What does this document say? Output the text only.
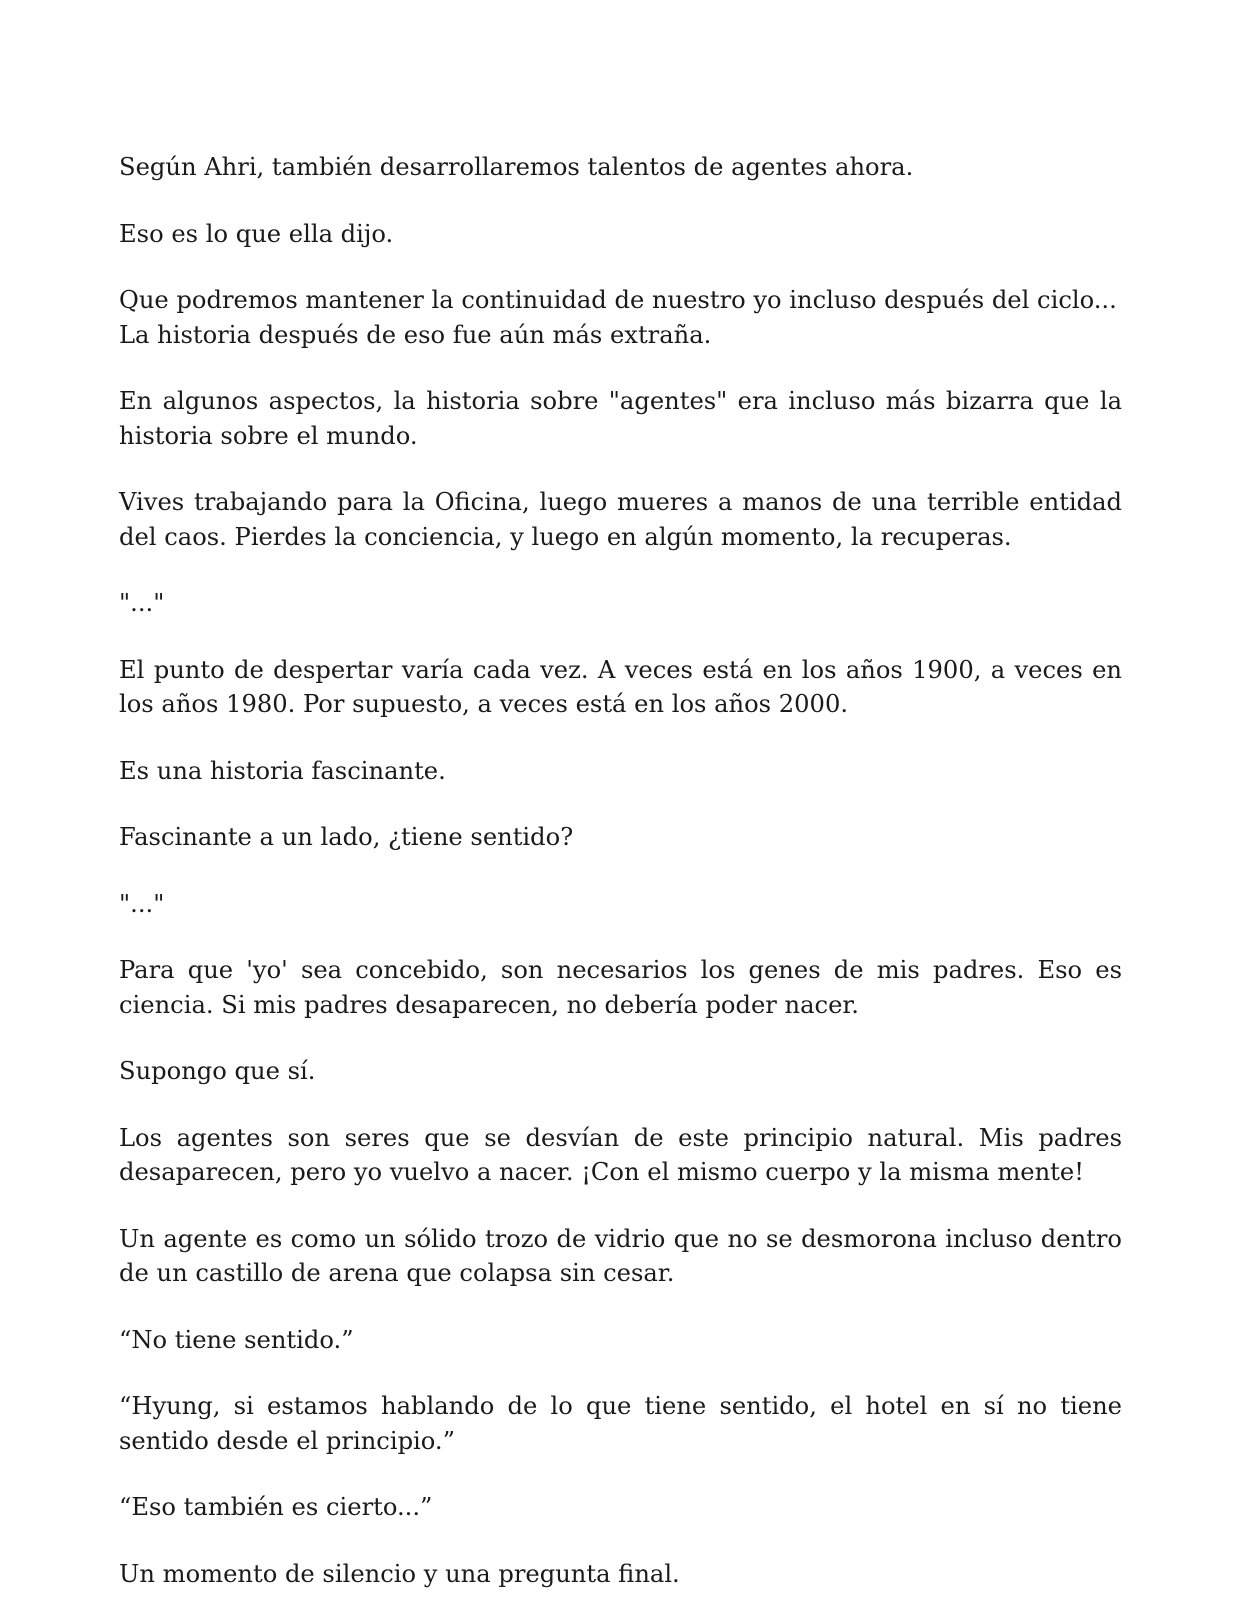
Según Ahri, también desarrollaremos talentos de agentes ahora.

Eso es lo que ella dijo.

Que podremos mantener la continuidad de nuestro yo incluso después del ciclo... La historia después de eso fue aún más extraña.

En algunos aspectos, la historia sobre "agentes" era incluso más bizarra que la historia sobre el mundo.

Vives trabajando para la Oficina, luego mueres a manos de una terrible entidad del caos. Pierdes la conciencia, y luego en algún momento, la recuperas.

"..."

El punto de despertar varía cada vez. A veces está en los años 1900, a veces en los años 1980. Por supuesto, a veces está en los años 2000.

Es una historia fascinante.

Fascinante a un lado, ¿tiene sentido?

"..."

Para que 'yo' sea concebido, son necesarios los genes de mis padres. Eso es ciencia. Si mis padres desaparecen, no debería poder nacer.

Supongo que sí.

Los agentes son seres que se desvían de este principio natural. Mis padres desaparecen, pero yo vuelvo a nacer. ¡Con el mismo cuerpo y la misma mente!

Un agente es como un sólido trozo de vidrio que no se desmorona incluso dentro de un castillo de arena que colapsa sin cesar.

“No tiene sentido.”

“Hyung, si estamos hablando de lo que tiene sentido, el hotel en sí no tiene sentido desde el principio.”

“Eso también es cierto...”

Un momento de silencio y una pregunta final.
